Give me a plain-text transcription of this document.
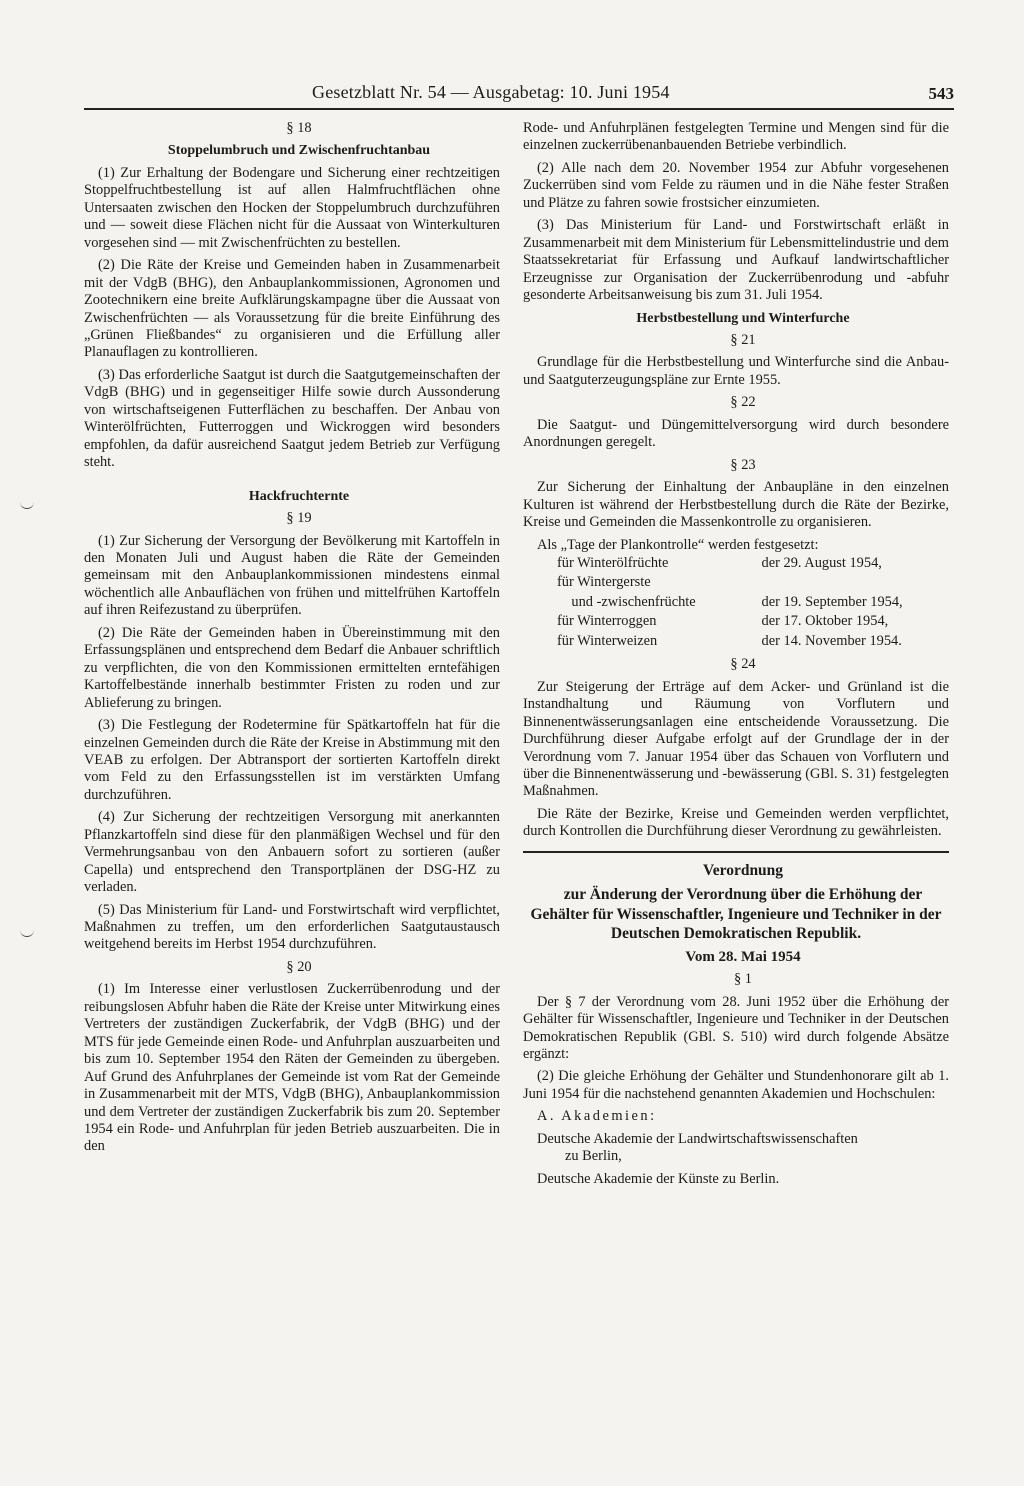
Gesetzblatt Nr. 54 — Ausgabetag: 10. Juni 1954	543

§ 18

Stoppelumbruch und Zwischenfruchtanbau

(1) Zur Erhaltung der Bodengare und Sicherung einer rechtzeitigen Stoppelfruchtbestellung ist auf allen Halmfruchtflächen ohne Untersaaten zwischen den Hocken der Stoppelumbruch durchzuführen und — soweit diese Flächen nicht für die Aussaat von Winterkulturen vorgesehen sind — mit Zwischenfrüchten zu bestellen.

(2) Die Räte der Kreise und Gemeinden haben in Zusammenarbeit mit der VdgB (BHG), den Anbauplankommissionen, Agronomen und Zootechnikern eine breite Aufklärungskampagne über die Aussaat von Zwischenfrüchten — als Voraussetzung für die breite Einführung des „Grünen Fließbandes“ zu organisieren und die Erfüllung aller Planauflagen zu kontrollieren.

(3) Das erforderliche Saatgut ist durch die Saatgutgemeinschaften der VdgB (BHG) und in gegenseitiger Hilfe sowie durch Aussonderung von wirtschaftseigenen Futterflächen zu beschaffen. Der Anbau von Winterölfrüchten, Futterroggen und Wickroggen wird besonders empfohlen, da dafür ausreichend Saatgut jedem Betrieb zur Verfügung steht.

Hackfruchternte

§ 19

(1) Zur Sicherung der Versorgung der Bevölkerung mit Kartoffeln in den Monaten Juli und August haben die Räte der Gemeinden gemeinsam mit den Anbauplankommissionen mindestens einmal wöchentlich alle Anbauflächen von frühen und mittelfrühen Kartoffeln auf ihren Reifezustand zu überprüfen.

(2) Die Räte der Gemeinden haben in Übereinstimmung mit den Erfassungsplänen und entsprechend dem Bedarf die Anbauer schriftlich zu verpflichten, die von den Kommissionen ermittelten erntefähigen Kartoffelbestände innerhalb bestimmter Fristen zu roden und zur Ablieferung zu bringen.

(3) Die Festlegung der Rodetermine für Spätkartoffeln hat für die einzelnen Gemeinden durch die Räte der Kreise in Abstimmung mit den VEAB zu erfolgen. Der Abtransport der sortierten Kartoffeln direkt vom Feld zu den Erfassungsstellen ist im verstärkten Umfang durchzuführen.

(4) Zur Sicherung der rechtzeitigen Versorgung mit anerkannten Pflanzkartoffeln sind diese für den planmäßigen Wechsel und für den Vermehrungsanbau von den Anbauern sofort zu sortieren (außer Capella) und entsprechend den Transportplänen der DSG-HZ zu verladen.

(5) Das Ministerium für Land- und Forstwirtschaft wird verpflichtet, Maßnahmen zu treffen, um den erforderlichen Saatgutaustausch weitgehend bereits im Herbst 1954 durchzuführen.

§ 20

(1) Im Interesse einer verlustlosen Zuckerrübenrodung und der reibungslosen Abfuhr haben die Räte der Kreise unter Mitwirkung eines Vertreters der zuständigen Zuckerfabrik, der VdgB (BHG) und der MTS für jede Gemeinde einen Rode- und Anfuhrplan auszuarbeiten und bis zum 10. September 1954 den Räten der Gemeinden zu übergeben. Auf Grund des Anfuhrplanes der Gemeinde ist vom Rat der Gemeinde in Zusammenarbeit mit der MTS, VdgB (BHG), Anbauplankommission und dem Vertreter der zuständigen Zuckerfabrik bis zum 20. September 1954 ein Rode- und Anfuhrplan für jeden Betrieb auszuarbeiten. Die in den

Rode- und Anfuhrplänen festgelegten Termine und Mengen sind für die einzelnen zuckerrübenanbauenden Betriebe verbindlich.

(2) Alle nach dem 20. November 1954 zur Abfuhr vorgesehenen Zuckerrüben sind vom Felde zu räumen und in die Nähe fester Straßen und Plätze zu fahren sowie frostsicher einzumieten.

(3) Das Ministerium für Land- und Forstwirtschaft erläßt in Zusammenarbeit mit dem Ministerium für Lebensmittelindustrie und dem Staatssekretariat für Erfassung und Aufkauf landwirtschaftlicher Erzeugnisse zur Organisation der Zuckerrübenrodung und -abfuhr gesonderte Arbeitsanweisung bis zum 31. Juli 1954.

Herbstbestellung und Winterfurche

§ 21

Grundlage für die Herbstbestellung und Winterfurche sind die Anbau- und Saatguterzeugungspläne zur Ernte 1955.

§ 22

Die Saatgut- und Düngemittelversorgung wird durch besondere Anordnungen geregelt.

§ 23

Zur Sicherung der Einhaltung der Anbaupläne in den einzelnen Kulturen ist während der Herbstbestellung durch die Räte der Bezirke, Kreise und Gemeinden die Massenkontrolle zu organisieren.

Als „Tage der Plankontrolle“ werden festgesetzt:

für Winterölfrüchte	der 29. August 1954,
für Wintergerste	
und -zwischenfrüchte	der 19. September 1954,
für Winterroggen	der 17. Oktober 1954,
für Winterweizen	der 14. November 1954.

§ 24

Zur Steigerung der Erträge auf dem Acker- und Grünland ist die Instandhaltung und Räumung von Vorflutern und Binnenentwässerungsanlagen eine entscheidende Voraussetzung. Die Durchführung dieser Aufgabe erfolgt auf der Grundlage der in der Verordnung vom 7. Januar 1954 über das Schauen von Vorflutern und über die Binnenentwässerung und -bewässerung (GBl. S. 31) festgelegten Maßnahmen.

Die Räte der Bezirke, Kreise und Gemeinden werden verpflichtet, durch Kontrollen die Durchführung dieser Verordnung zu gewährleisten.

Verordnung

zur Änderung der Verordnung über die Erhöhung der Gehälter für Wissenschaftler, Ingenieure und Techniker in der Deutschen Demokratischen Republik.

Vom 28. Mai 1954

§ 1

Der § 7 der Verordnung vom 28. Juni 1952 über die Erhöhung der Gehälter für Wissenschaftler, Ingenieure und Techniker in der Deutschen Demokratischen Republik (GBl. S. 510) wird durch folgende Absätze ergänzt:

(2) Die gleiche Erhöhung der Gehälter und Stundenhonorare gilt ab 1. Juni 1954 für die nachstehend genannten Akademien und Hochschulen:

A. Akademien:

Deutsche Akademie der Landwirtschaftswissenschaften
zu Berlin,

Deutsche Akademie der Künste zu Berlin.
